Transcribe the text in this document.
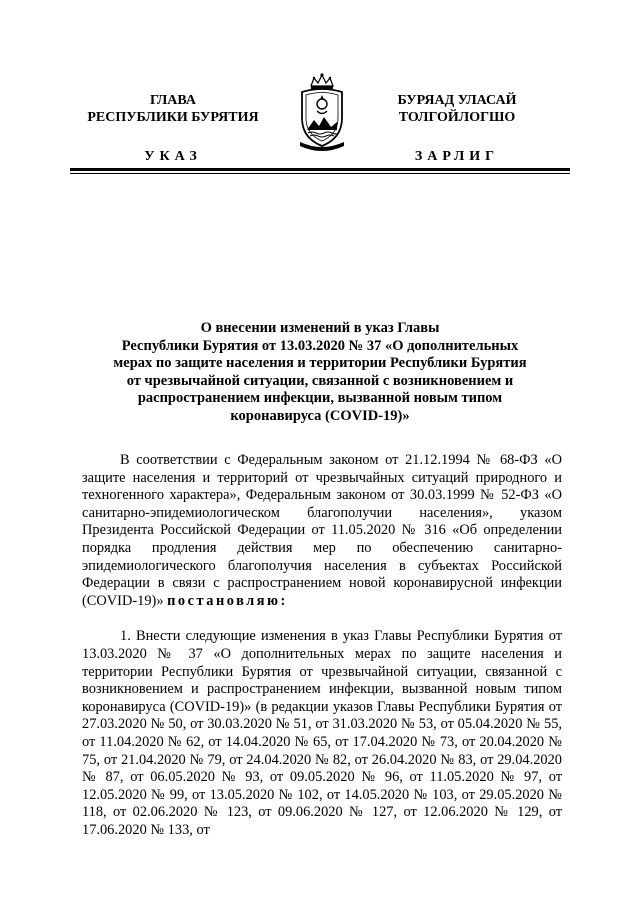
ГЛАВА
РЕСПУБЛИКИ БУРЯТИЯ
УКАЗ
БУРЯАД УЛАСАЙ
ТОЛГОЙЛОГШО
ЗАРЛИГ
О внесении изменений в указ Главы
Республики Бурятия от 13.03.2020 № 37 «О дополнительных
мерах по защите населения и территории Республики Бурятия
от чрезвычайной ситуации, связанной с возникновением и
распространением инфекции, вызванной новым типом
коронавируса (COVID-19)»

В соответствии с Федеральным законом от 21.12.1994 № 68-ФЗ «О защите населения и территорий от чрезвычайных ситуаций природного и техногенного характера», Федеральным законом от 30.03.1999 № 52-ФЗ «О санитарно-эпидемиологическом благополучии населения», указом Президента Российской Федерации от 11.05.2020 № 316 «Об определении порядка продления действия мер по обеспечению санитарно-эпидемиологического благополучия населения в субъектах Российской Федерации в связи с распространением новой коронавирусной инфекции (COVID-19)» постановляю:

1. Внести следующие изменения в указ Главы Республики Бурятия от 13.03.2020 № 37 «О дополнительных мерах по защите населения и территории Республики Бурятия от чрезвычайной ситуации, связанной с возникновением и распространением инфекции, вызванной новым типом коронавируса (COVID-19)» (в редакции указов Главы Республики Бурятия от 27.03.2020 № 50, от 30.03.2020 № 51, от 31.03.2020 № 53, от 05.04.2020 № 55, от 11.04.2020 № 62, от 14.04.2020 № 65, от 17.04.2020 № 73, от 20.04.2020 № 75, от 21.04.2020 № 79, от 24.04.2020 № 82, от 26.04.2020 № 83, от 29.04.2020 № 87, от 06.05.2020 № 93, от 09.05.2020 № 96, от 11.05.2020 № 97, от 12.05.2020 № 99, от 13.05.2020 № 102, от 14.05.2020 № 103, от 29.05.2020 № 118, от 02.06.2020 № 123, от 09.06.2020 № 127, от 12.06.2020 № 129, от 17.06.2020 № 133, от
